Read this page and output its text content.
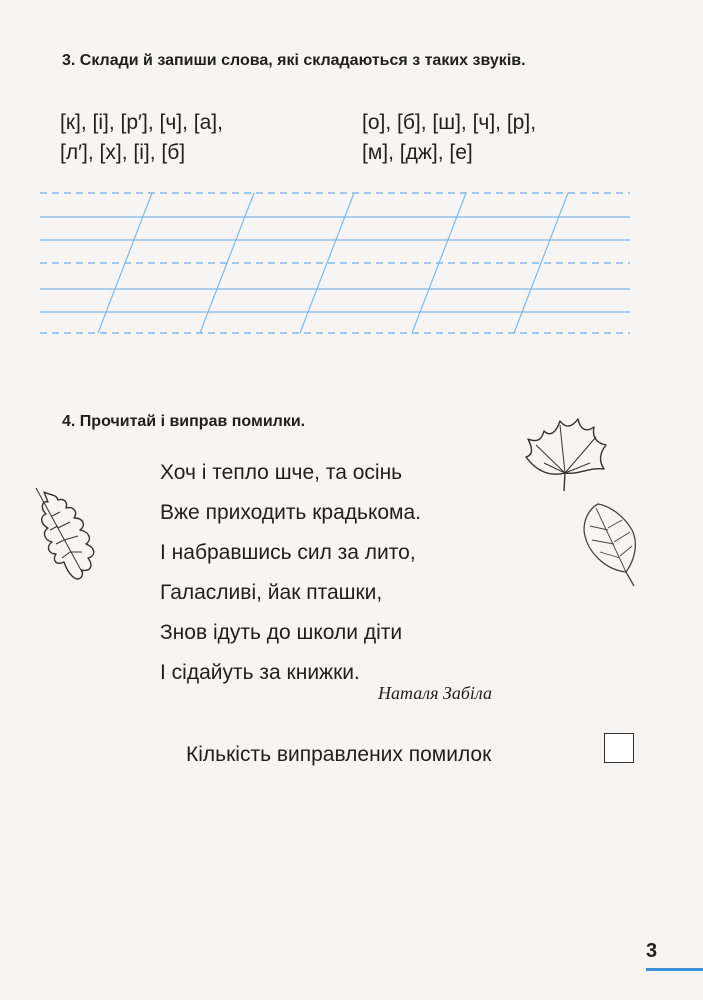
3. Склади й запиши слова, які складаються з таких звуків.
[к], [і], [р′], [ч], [а],
[л′], [х], [і], [б]
[о], [б], [ш], [ч], [р],
[м], [дж], [е]
4. Прочитай і виправ помилки.
Хоч і тепло шче, та осінь
Вже приходить крадькома.
І набравшись сил за лито,
Галасливі, йак пташки,
Знов ідуть до школи діти
І сідайуть за книжки.
Наталя Забіла
Кількість виправлених помилок
3
